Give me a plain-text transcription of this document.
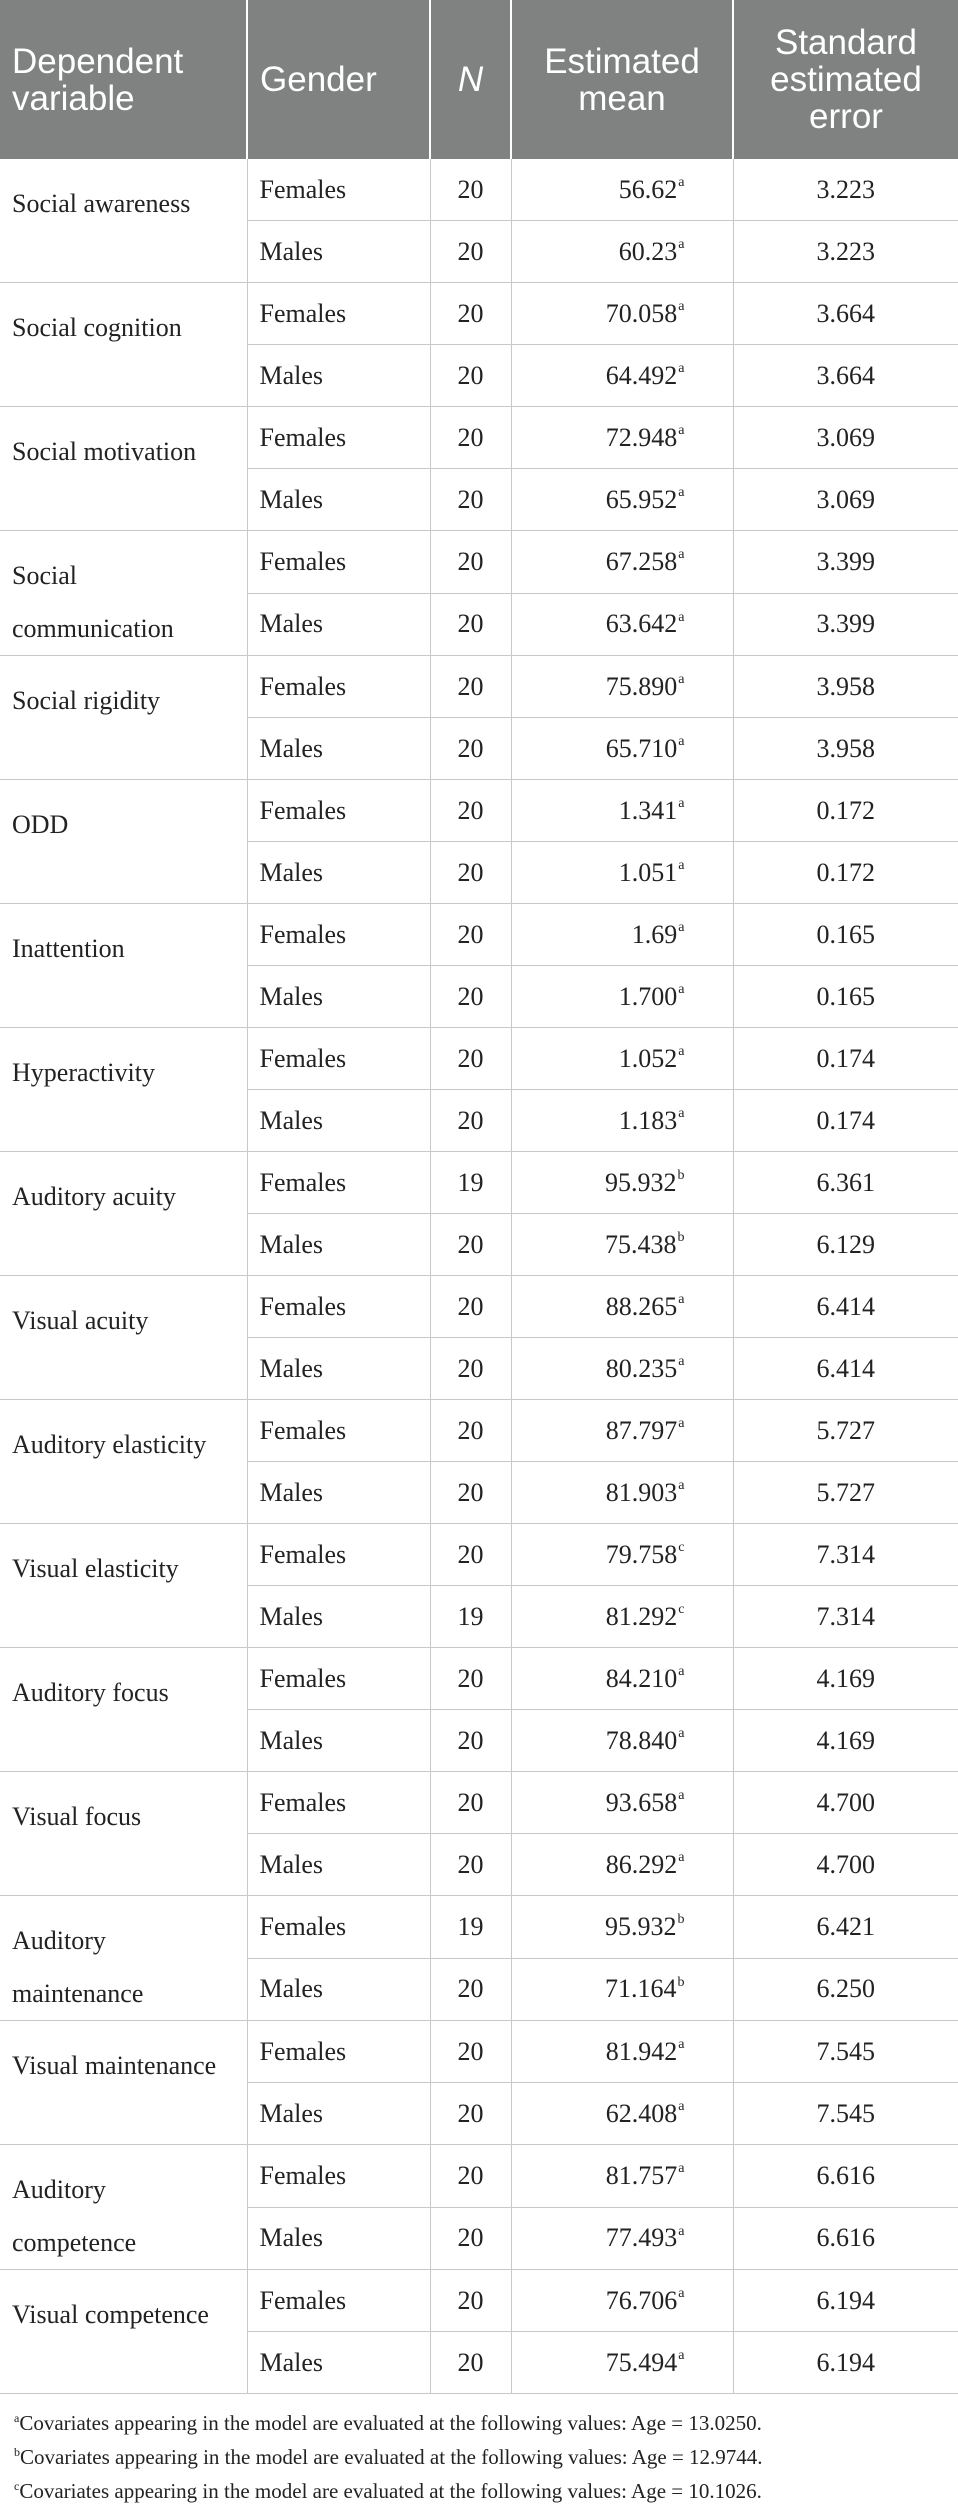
Dependent variable	Gender	N	Estimated mean	Standard estimated error

Social awareness	Females	20	56.62$^a$	3.223
	Males	20	60.23$^a$	3.223

Social cognition	Females	20	70.058$^a$	3.664
	Males	20	64.492$^a$	3.664

Social motivation	Females	20	72.948$^a$	3.069
	Males	20	65.952$^a$	3.069

Social communication	Females	20	67.258$^a$	3.399
	Males	20	63.642$^a$	3.399

Social rigidity	Females	20	75.890$^a$	3.958
	Males	20	65.710$^a$	3.958

ODD	Females	20	1.341$^a$	0.172
	Males	20	1.051$^a$	0.172

Inattention	Females	20	1.69$^a$	0.165
	Males	20	1.700$^a$	0.165

Hyperactivity	Females	20	1.052$^a$	0.174
	Males	20	1.183$^a$	0.174

Auditory acuity	Females	19	95.932$^b$	6.361
	Males	20	75.438$^b$	6.129

Visual acuity	Females	20	88.265$^a$	6.414
	Males	20	80.235$^a$	6.414

Auditory elasticity	Females	20	87.797$^a$	5.727
	Males	20	81.903$^a$	5.727

Visual elasticity	Females	20	79.758$^c$	7.314
	Males	19	81.292$^c$	7.314

Auditory focus	Females	20	84.210$^a$	4.169
	Males	20	78.840$^a$	4.169

Visual focus	Females	20	93.658$^a$	4.700
	Males	20	86.292$^a$	4.700

Auditory maintenance	Females	19	95.932$^b$	6.421
	Males	20	71.164$^b$	6.250

Visual maintenance	Females	20	81.942$^a$	7.545
	Males	20	62.408$^a$	7.545

Auditory competence	Females	20	81.757$^a$	6.616
	Males	20	77.493$^a$	6.616

Visual competence	Females	20	76.706$^a$	6.194
	Males	20	75.494$^a$	6.194
$^a$Covariates appearing in the model are evaluated at the following values: Age = 13.0250.
$^b$Covariates appearing in the model are evaluated at the following values: Age = 12.9744.
$^c$Covariates appearing in the model are evaluated at the following values: Age = 10.1026.
